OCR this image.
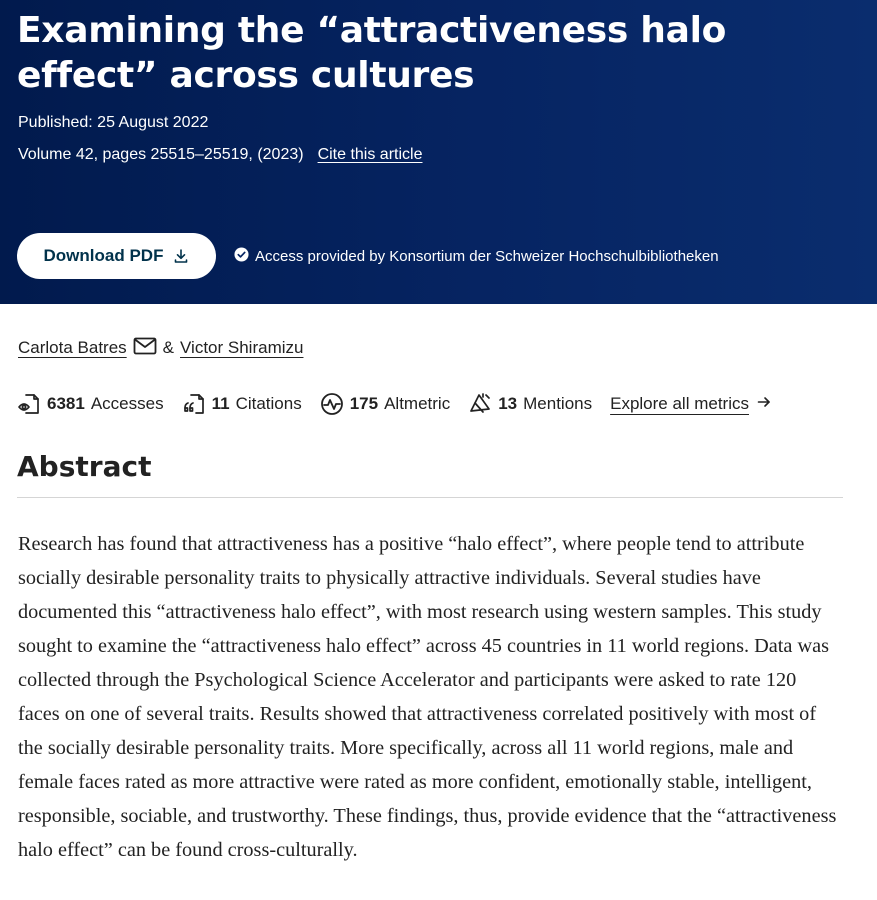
Examining the “attractiveness halo effect” across cultures
Published: 25 August 2022
Volume 42, pages 25515–25519, (2023) Cite this article
Download PDF	Access provided by Konsortium der Schweizer Hochschulbibliotheken
Carlota Batres & Victor Shiramizu
6381 Accesses	11 Citations	175 Altmetric	13 Mentions Explore all metrics
Abstract

Research has found that attractiveness has a positive “halo effect”, where people tend to attribute socially desirable personality traits to physically attractive individuals. Several studies have documented this “attractiveness halo effect”, with most research using western samples. This study sought to examine the “attractiveness halo effect” across 45 countries in 11 world regions. Data was collected through the Psychological Science Accelerator and participants were asked to rate 120 faces on one of several traits. Results showed that attractiveness correlated positively with most of the socially desirable personality traits. More specifically, across all 11 world regions, male and female faces rated as more attractive were rated as more confident, emotionally stable, intelligent, responsible, sociable, and trustworthy. These findings, thus, provide evidence that the “attractiveness halo effect” can be found cross-culturally.
